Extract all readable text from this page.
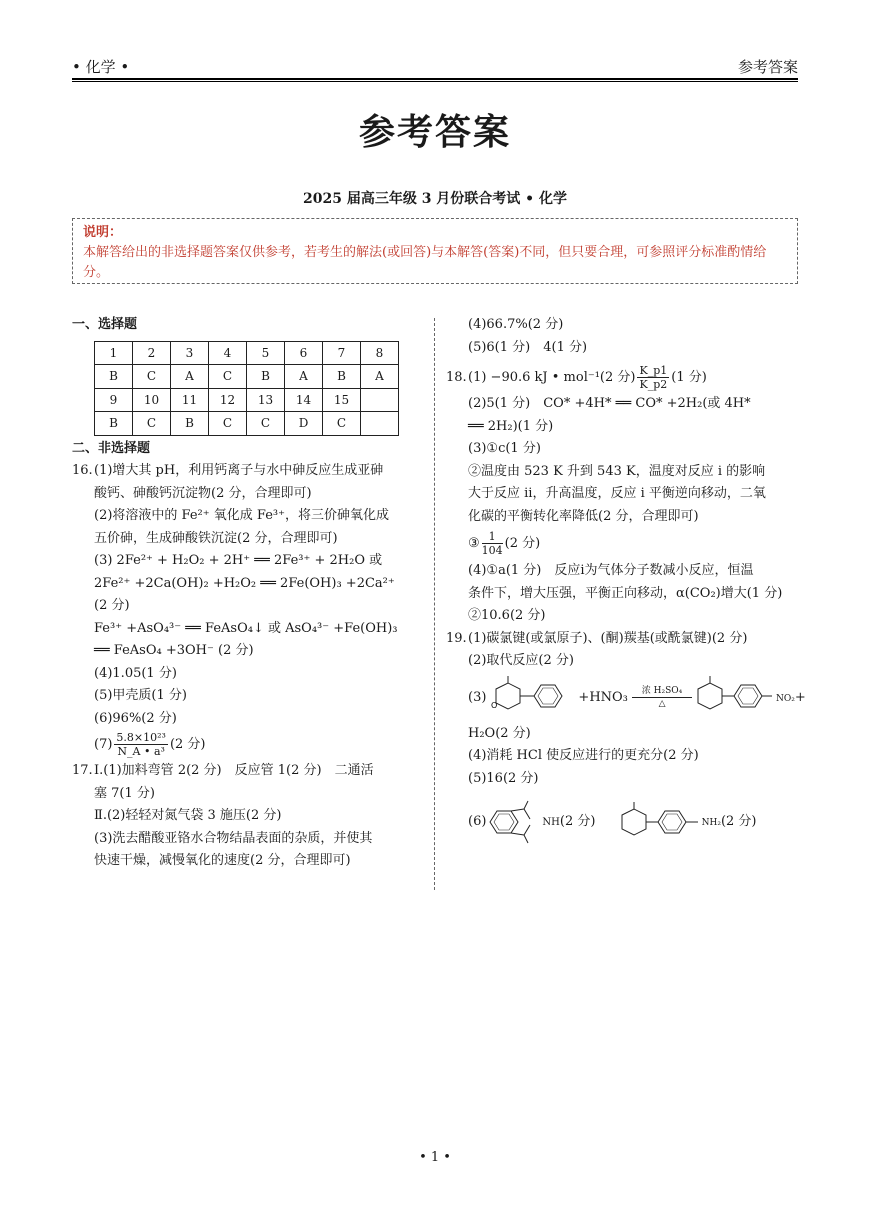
• 化学 •	参考答案
参考答案
2025 届高三年级 3 月份联合考试 • 化学
说明：
本解答给出的非选择题答案仅供参考，若考生的解法(或回答)与本解答(答案)不同，但只要合理，可参照评分标准酌情给分。
一、选择题
1	2	3	4	5	6	7	8
B	C	A	C	B	A	B	A
9	10	11	12	13	14	15	
B	C	B	C	C	D	C	
二、非选择题
16.(1)增大其 pH，利用钙离子与水中砷反应生成亚砷
酸钙、砷酸钙沉淀物(2 分，合理即可)
(2)将溶液中的 Fe²⁺ 氧化成 Fe³⁺，将三价砷氧化成
五价砷，生成砷酸铁沉淀(2 分，合理即可)
(3) 2Fe²⁺ + H₂O₂ + 2H⁺ ══ 2Fe³⁺ + 2H₂O 或
2Fe²⁺ +2Ca(OH)₂ +H₂O₂ ══ 2Fe(OH)₃ +2Ca²⁺
(2 分)
Fe³⁺ +AsO₄³⁻ ══ FeAsO₄↓ 或 AsO₄³⁻ +Fe(OH)₃
══ FeAsO₄ +3OH⁻ (2 分)
(4)1.05(1 分)
(5)甲壳质(1 分)
(6)96%(2 分)
$(7) \frac{\text{5.8×10²³}}{\text{N\_A • a³}} (2$ 分)
17.Ⅰ.(1)加料弯管 2(2 分)　反应管 1(2 分)　二通活
塞 7(1 分)
Ⅱ.(2)轻轻对氮气袋 3 施压(2 分)
(3)洗去醋酸亚铬水合物结晶表面的杂质，并使其
快速干燥，减慢氧化的速度(2 分，合理即可)
(4)66.7%(2 分)
(5)6(1 分)　4(1 分)
18.(1) −90.6 kJ • mol⁻¹(2 分) $\frac{K\_p1}{K\_p2} (1$ 分)
(2)5(1 分)　CO* +4H* ══ CO* +2H₂(或 4H*
══ 2H₂)(1 分)
(3)①c(1 分)
②温度由 523 K 升到 543 K，温度对反应 ⅰ 的影响
大于反应 ⅱ，升高温度，反应 ⅰ 平衡逆向移动，二氧
化碳的平衡转化率降低(2 分，合理即可)
③ $\frac{1}{104} (2$ 分)
(4)①a(1 分)　反应ⅰ为气体分子数减小反应，恒温
条件下，增大压强，平衡正向移动，α(CO₂)增大(1 分)
②10.6(2 分)
19.(1)碳氯键(或氯原子)、(酮)羰基(或酰氯键)(2 分)
(2)取代反应(2 分)
(3)
O
+HNO₃	浓 H₂SO₄
△	NO₂+
H₂O(2 分)
(4)消耗 HCl 使反应进行的更充分(2 分)
(5)16(2 分)
(6)	NH(2 分)	NH₂(2 分)
• 1 •
